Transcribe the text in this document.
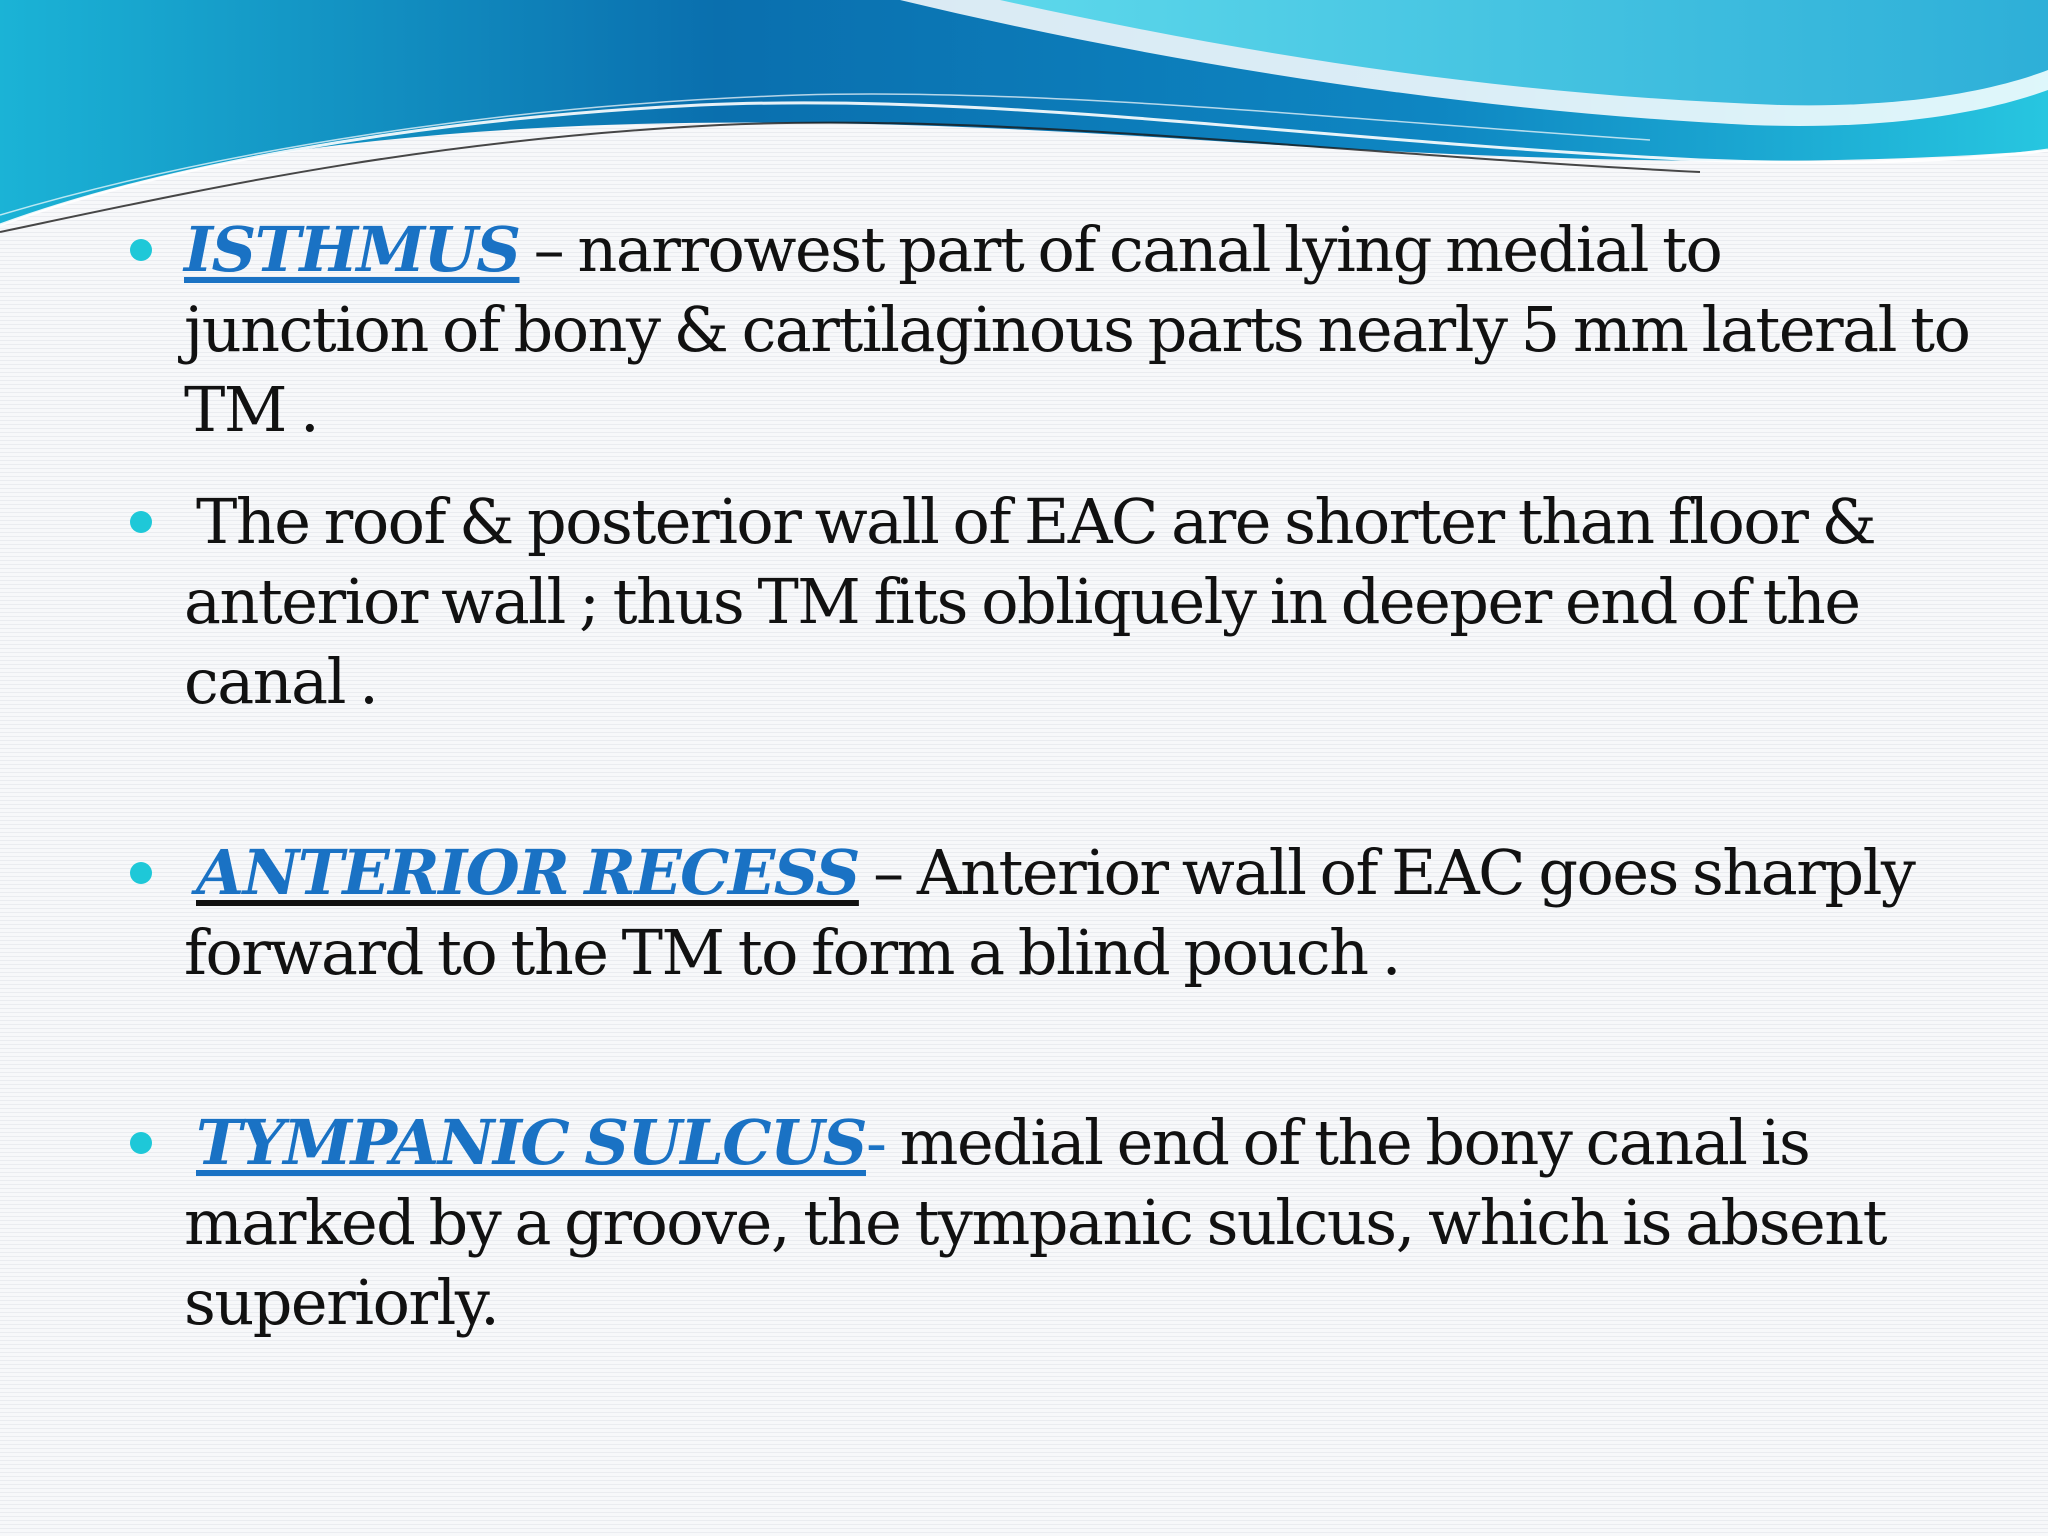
ISTHMUS – narrowest part of canal lying medial to junction of bony & cartilaginous parts nearly 5 mm lateral to TM .
The roof & posterior wall of EAC are shorter than floor & anterior wall ; thus TM fits obliquely in deeper end of the canal .
ANTERIOR RECESS – Anterior wall of EAC goes sharply forward to the TM to form a blind pouch .
TYMPANIC SULCUS- medial end of the bony canal is marked by a groove, the tympanic sulcus, which is absent superiorly.
